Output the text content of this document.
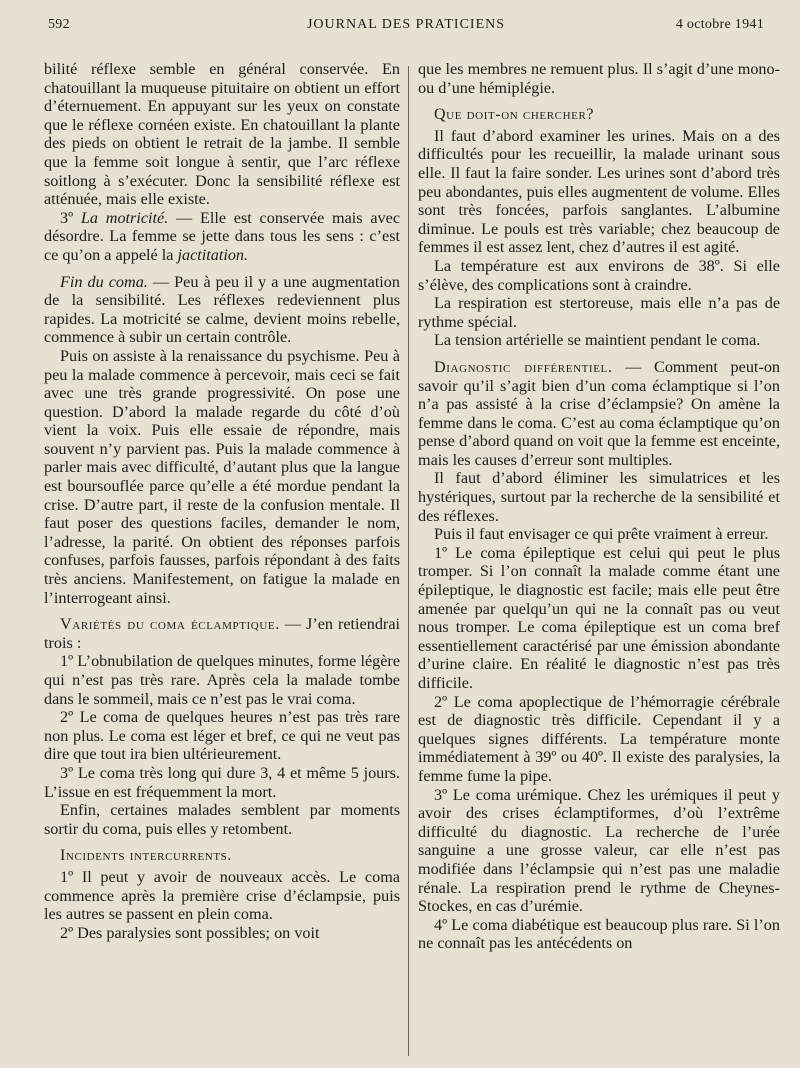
592	JOURNAL DES PRATICIENS	4 octobre 1941

bilité réflexe semble en général conservée. En chatouillant la muqueuse pituitaire on obtient un effort d’éternuement. En appuyant sur les yeux on constate que le réflexe cornéen existe. En chatouillant la plante des pieds on obtient le retrait de la jambe. Il semble que la femme soit longue à sentir, que l’arc réflexe soitlong à s’exécuter. Donc la sensibilité réflexe est atténuée, mais elle existe.

3º La motricité. — Elle est conservée mais avec désordre. La femme se jette dans tous les sens : c’est ce qu’on a appelé la jactitation.

Fin du coma. — Peu à peu il y a une augmentation de la sensibilité. Les réflexes redeviennent plus rapides. La motricité se calme, devient moins rebelle, commence à subir un certain contrôle.

Puis on assiste à la renaissance du psychisme. Peu à peu la malade commence à percevoir, mais ceci se fait avec une très grande progressivité. On pose une question. D’abord la malade regarde du côté d’où vient la voix. Puis elle essaie de répondre, mais souvent n’y parvient pas. Puis la malade commence à parler mais avec difficulté, d’autant plus que la langue est boursouflée parce qu’elle a été mordue pendant la crise. D’autre part, il reste de la confusion mentale. Il faut poser des questions faciles, demander le nom, l’adresse, la parité. On obtient des réponses parfois confuses, parfois fausses, parfois répondant à des faits très anciens. Manifestement, on fatigue la malade en l’interrogeant ainsi.

Variétés du coma éclamptique. — J’en retiendrai trois :

1º L’obnubilation de quelques minutes, forme légère qui n’est pas très rare. Après cela la malade tombe dans le sommeil, mais ce n’est pas le vrai coma.

2º Le coma de quelques heures n’est pas très rare non plus. Le coma est léger et bref, ce qui ne veut pas dire que tout ira bien ultérieurement.

3º Le coma très long qui dure 3, 4 et même 5 jours. L’issue en est fréquemment la mort.

Enfin, certaines malades semblent par moments sortir du coma, puis elles y retombent.

Incidents intercurrents.

1º Il peut y avoir de nouveaux accès. Le coma commence après la première crise d’éclampsie, puis les autres se passent en plein coma.

2º Des paralysies sont possibles; on voit

que les membres ne remuent plus. Il s’agit d’une mono- ou d’une hémiplégie.

Que doit-on chercher?

Il faut d’abord examiner les urines. Mais on a des difficultés pour les recueillir, la malade urinant sous elle. Il faut la faire sonder. Les urines sont d’abord très peu abondantes, puis elles augmentent de volume. Elles sont très foncées, parfois sanglantes. L’albumine diminue. Le pouls est très variable; chez beaucoup de femmes il est assez lent, chez d’autres il est agité.

La température est aux environs de 38º. Si elle s’élève, des complications sont à craindre.

La respiration est stertoreuse, mais elle n’a pas de rythme spécial.

La tension artérielle se maintient pendant le coma.

Diagnostic différentiel. — Comment peut-on savoir qu’il s’agit bien d’un coma éclamptique si l’on n’a pas assisté à la crise d’éclampsie? On amène la femme dans le coma. C’est au coma éclamptique qu’on pense d’abord quand on voit que la femme est enceinte, mais les causes d’erreur sont multiples.

Il faut d’abord éliminer les simulatrices et les hystériques, surtout par la recherche de la sensibilité et des réflexes.

Puis il faut envisager ce qui prête vraiment à erreur.

1º Le coma épileptique est celui qui peut le plus tromper. Si l’on connaît la malade comme étant une épileptique, le diagnostic est facile; mais elle peut être amenée par quelqu’un qui ne la connaît pas ou veut nous tromper. Le coma épileptique est un coma bref essentiellement caractérisé par une émission abondante d’urine claire. En réalité le diagnostic n’est pas très difficile.

2º Le coma apoplectique de l’hémorragie cérébrale est de diagnostic très difficile. Cependant il y a quelques signes différents. La température monte immédiatement à 39º ou 40º. Il existe des paralysies, la femme fume la pipe.

3º Le coma urémique. Chez les urémiques il peut y avoir des crises éclamptiformes, d’où l’extrême difficulté du diagnostic. La recherche de l’urée sanguine a une grosse valeur, car elle n’est pas modifiée dans l’éclampsie qui n’est pas une maladie rénale. La respiration prend le rythme de Cheynes-Stockes, en cas d’urémie.

4º Le coma diabétique est beaucoup plus rare. Si l’on ne connaît pas les antécédents on
